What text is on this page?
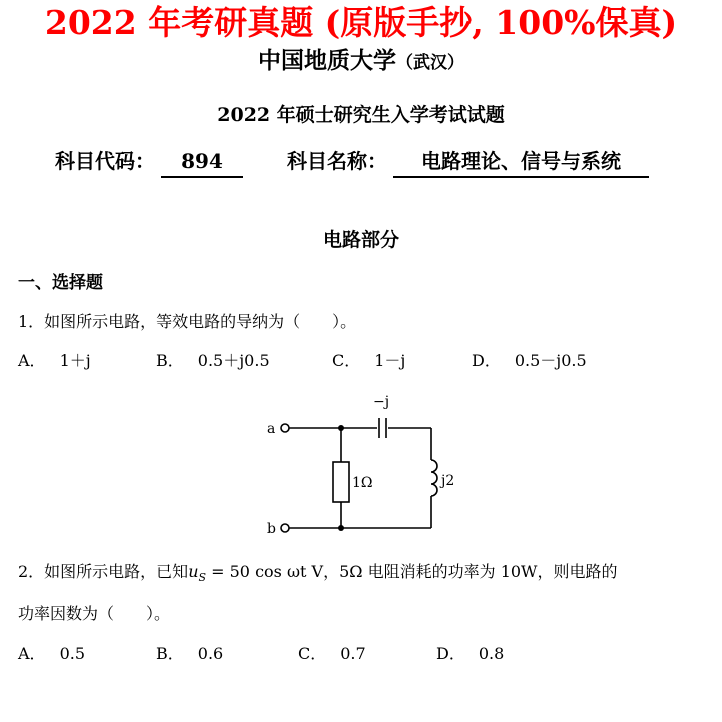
2022 年考研真题 (原版手抄, 100%保真)
中国地质大学（武汉）
2022 年硕士研究生入学考试试题
科目代码： 894	科目名称： 电路理论、信号与系统
电路部分
一、选择题
1．如图所示电路，等效电路的导纳为（　　）。
A． 1＋j	B． 0.5＋j0.5	C． 1－j	D． 0.5－j0.5
a
b
−j
1Ω	j2
2．如图所示电路，已知$u_S = 50$ cos ωt V，5Ω 电阻消耗的功率为 10W，则电路的
功率因数为（　　）。
A． 0.5	B． 0.6	C． 0.7	D． 0.8
